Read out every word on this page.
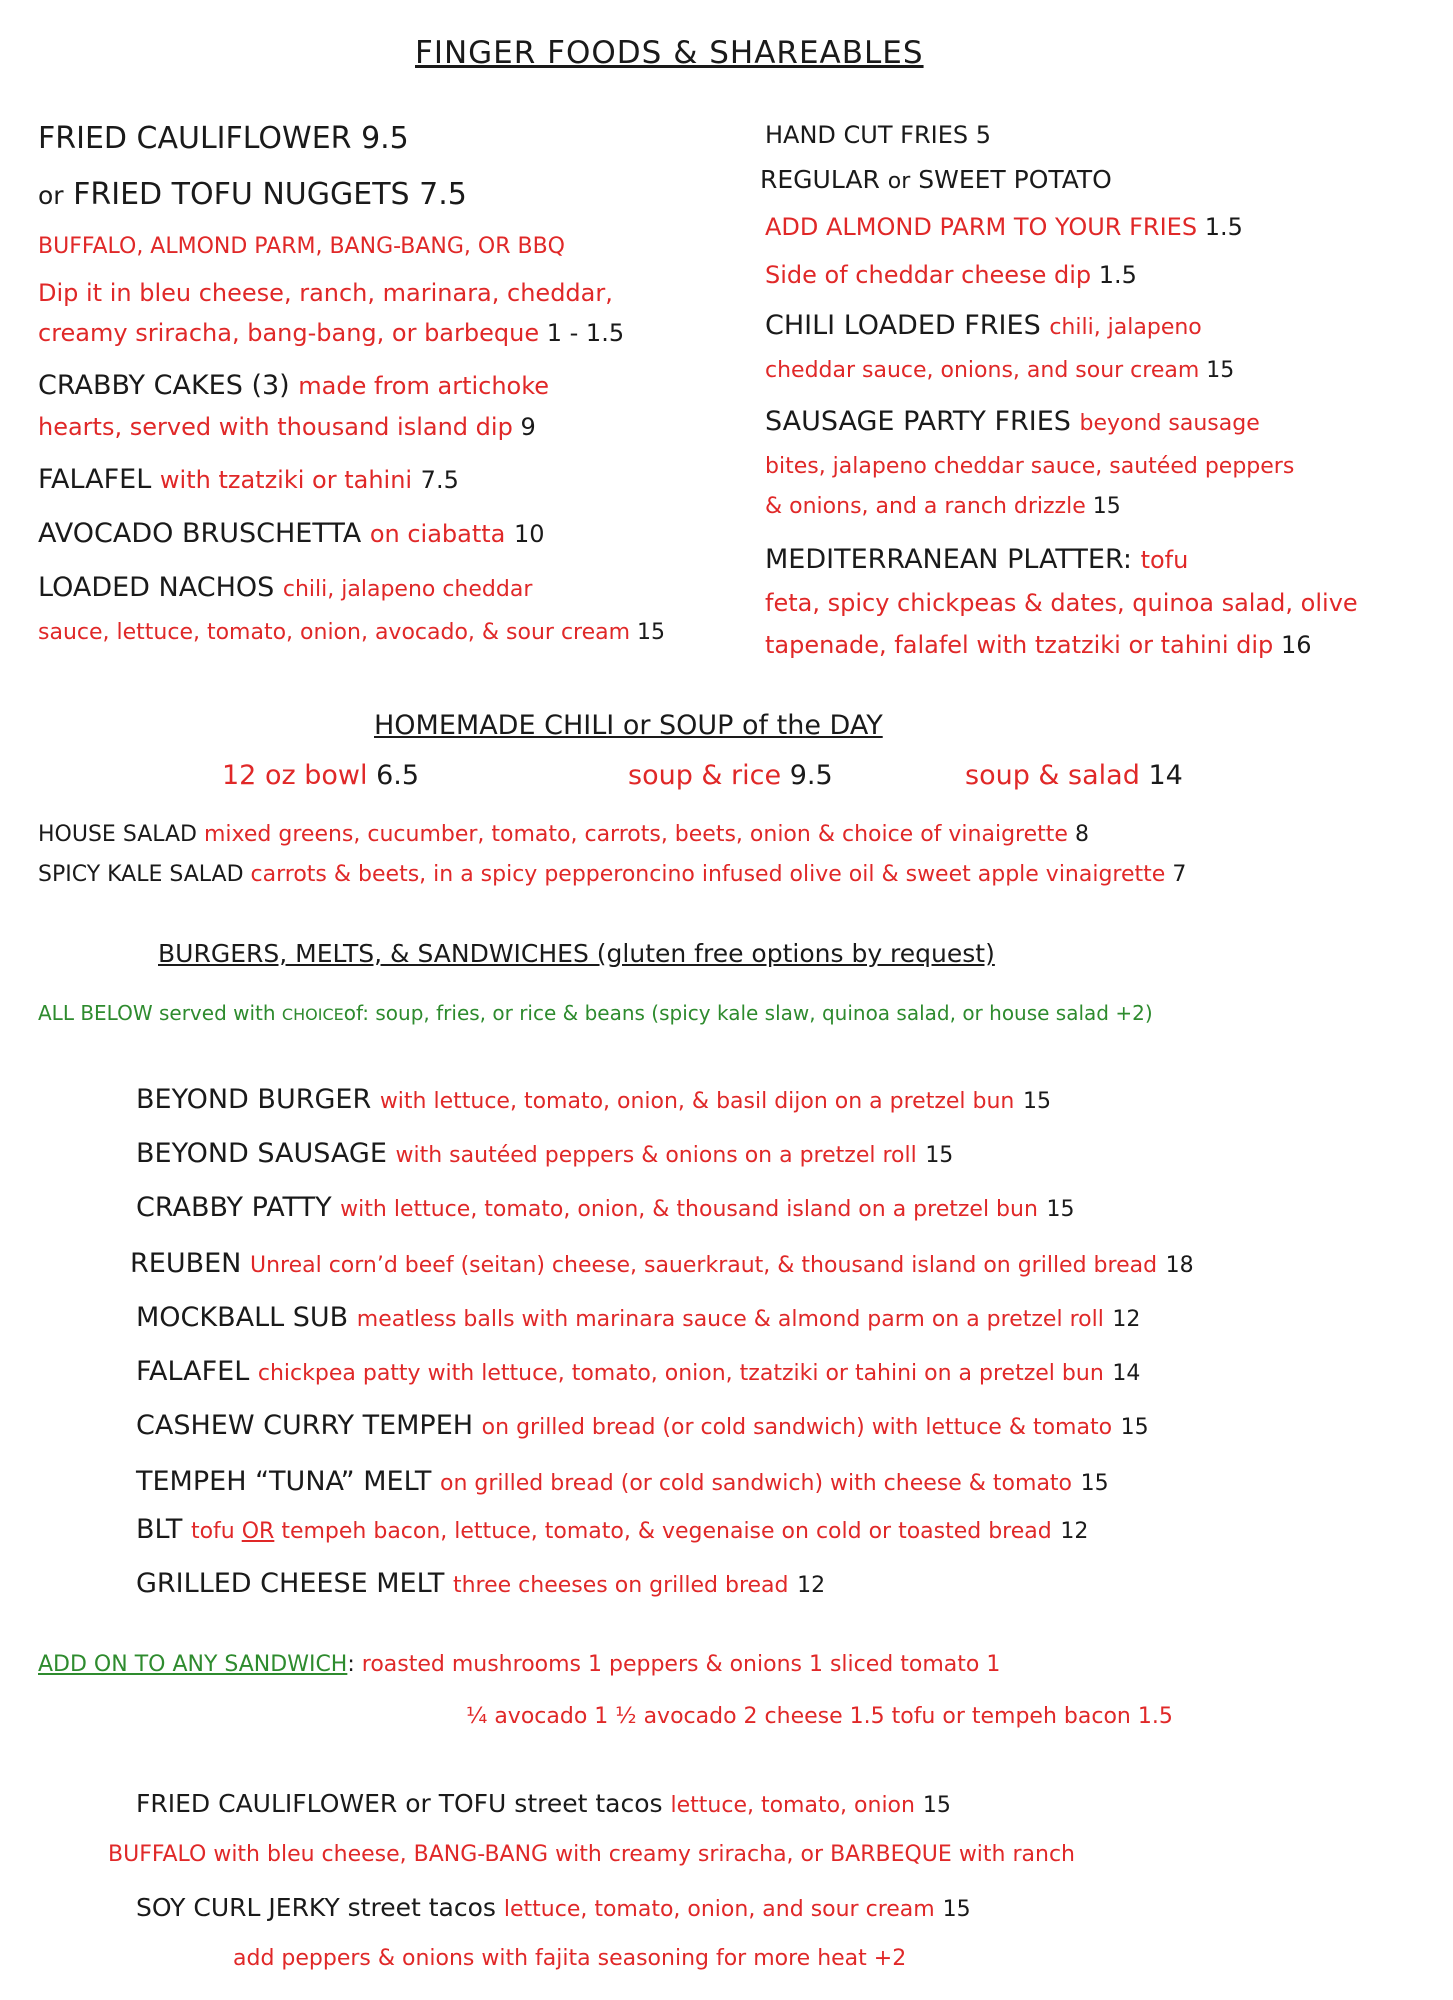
FINGER FOODS & SHAREABLES
FRIED CAULIFLOWER 9.5
or FRIED TOFU NUGGETS 7.5
BUFFALO, ALMOND PARM, BANG-BANG, OR BBQ
Dip it in bleu cheese, ranch, marinara, cheddar,
creamy sriracha, bang-bang, or barbeque 1 - 1.5
CRABBY CAKES (3) made from artichoke
hearts, served with thousand island dip 9
FALAFEL with tzatziki or tahini 7.5
AVOCADO BRUSCHETTA on ciabatta 10
LOADED NACHOS chili, jalapeno cheddar
sauce, lettuce, tomato, onion, avocado, & sour cream 15
HAND CUT FRIES 5
REGULAR or SWEET POTATO
ADD ALMOND PARM TO YOUR FRIES 1.5
Side of cheddar cheese dip 1.5
CHILI LOADED FRIES chili, jalapeno
cheddar sauce, onions, and sour cream 15
SAUSAGE PARTY FRIES beyond sausage
bites, jalapeno cheddar sauce, sautéed peppers
& onions, and a ranch drizzle 15
MEDITERRANEAN PLATTER: tofu
feta, spicy chickpeas & dates, quinoa salad, olive
tapenade, falafel with tzatziki or tahini dip 16
HOMEMADE CHILI or SOUP of the DAY
12 oz bowl 6.5	soup & rice 9.5	soup & salad 14
HOUSE SALAD mixed greens, cucumber, tomato, carrots, beets, onion & choice of vinaigrette 8
SPICY KALE SALAD carrots & beets, in a spicy pepperoncino infused olive oil & sweet apple vinaigrette 7
BURGERS, MELTS, & SANDWICHES (gluten free options by request)
ALL BELOW served with CHOICEof: soup, fries, or rice & beans (spicy kale slaw, quinoa salad, or house salad +2)
BEYOND BURGER with lettuce, tomato, onion, & basil dijon on a pretzel bun 15
BEYOND SAUSAGE with sautéed peppers & onions on a pretzel roll 15
CRABBY PATTY with lettuce, tomato, onion, & thousand island on a pretzel bun 15
REUBEN Unreal corn’d beef (seitan) cheese, sauerkraut, & thousand island on grilled bread 18
MOCKBALL SUB meatless balls with marinara sauce & almond parm on a pretzel roll 12
FALAFEL chickpea patty with lettuce, tomato, onion, tzatziki or tahini on a pretzel bun 14
CASHEW CURRY TEMPEH on grilled bread (or cold sandwich) with lettuce & tomato 15
TEMPEH “TUNA” MELT on grilled bread (or cold sandwich) with cheese & tomato 15
BLT tofu OR tempeh bacon, lettuce, tomato, & vegenaise on cold or toasted bread 12
GRILLED CHEESE MELT three cheeses on grilled bread 12
ADD ON TO ANY SANDWICH: roasted mushrooms 1 peppers & onions 1 sliced tomato 1
¼ avocado 1 ½ avocado 2 cheese 1.5 tofu or tempeh bacon 1.5
FRIED CAULIFLOWER or TOFU street tacos lettuce, tomato, onion 15
BUFFALO with bleu cheese, BANG-BANG with creamy sriracha, or BARBEQUE with ranch
SOY CURL JERKY street tacos lettuce, tomato, onion, and sour cream 15
add peppers & onions with fajita seasoning for more heat +2
